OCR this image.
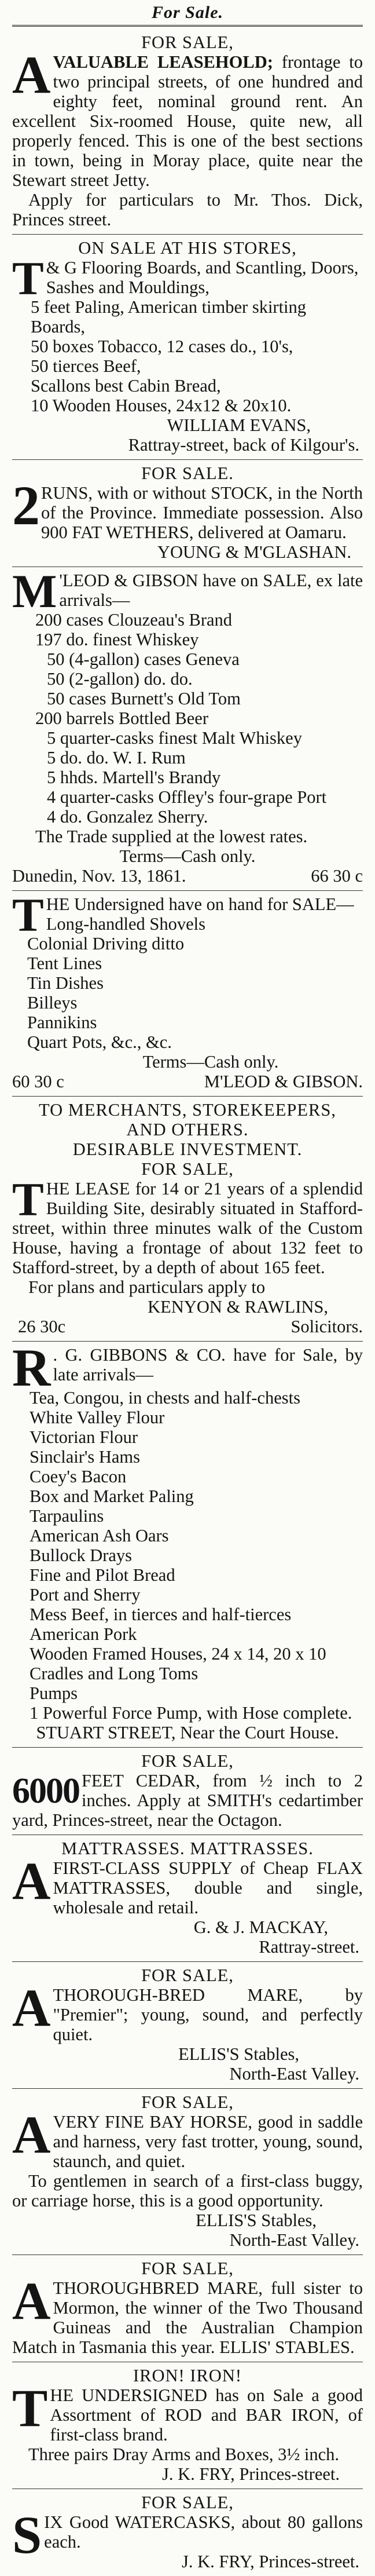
For Sale.
FOR SALE,
A VALUABLE LEASEHOLD; frontage to two principal streets, of one hundred and eighty feet, nominal ground rent. An excellent Six-roomed House, quite new, all properly fenced. This is one of the best sections in town, being in Moray place, quite near the Stewart street Jetty.

Apply for particulars to Mr. Thos. Dick, Princes street.

ON SALE AT HIS STORES,
T & G Flooring Boards, and Scantling, Doors, Sashes and Mouldings,
5 feet Paling, American timber skirting Boards,
50 boxes Tobacco, 12 cases do., 10's,
50 tierces Beef,
Scallons best Cabin Bread,
10 Wooden Houses, 24x12 & 20x10.
WILLIAM EVANS,
Rattray-street, back of Kilgour's.
FOR SALE.
2 RUNS, with or without STOCK, in the North of the Province. Immediate possession. Also 900 FAT WETHERS, delivered at Oamaru.

YOUNG & M'GLASHAN.
M 'LEOD & GIBSON have on SALE, ex late arrivals—

200 cases Clouzeau's Brand
197 do. finest Whiskey
50 (4-gallon) cases Geneva
50 (2-gallon) do. do.
50 cases Burnett's Old Tom
200 barrels Bottled Beer
5 quarter-casks finest Malt Whiskey
5 do. do. W. I. Rum
5 hhds. Martell's Brandy
4 quarter-casks Offley's four-grape Port
4 do. Gonzalez Sherry.
The Trade supplied at the lowest rates.
Terms—Cash only.
Dunedin, Nov. 13, 1861.	66 30 c
T HE Undersigned have on hand for SALE—

Long-handled Shovels
Colonial Driving ditto
Tent Lines
Tin Dishes
Billeys
Pannikins
Quart Pots, &c., &c.
Terms—Cash only.
60 30 c	M'LEOD & GIBSON.
TO MERCHANTS, STOREKEEPERS, AND OTHERS.
DESIRABLE INVESTMENT.
FOR SALE,
T HE LEASE for 14 or 21 years of a splendid Building Site, desirably situated in Stafford-street, within three minutes walk of the Custom House, having a frontage of about 132 feet to Stafford-street, by a depth of about 165 feet.

For plans and particulars apply to
KENYON & RAWLINS,
26 30c	Solicitors.
R . G. GIBBONS & CO. have for Sale, by late arrivals—

Tea, Congou, in chests and half-chests
White Valley Flour
Victorian Flour
Sinclair's Hams
Coey's Bacon
Box and Market Paling
Tarpaulins
American Ash Oars
Bullock Drays
Fine and Pilot Bread
Port and Sherry
Mess Beef, in tierces and half-tierces
American Pork
Wooden Framed Houses, 24 x 14, 20 x 10
Cradles and Long Toms
Pumps
1 Powerful Force Pump, with Hose complete.
STUART STREET, Near the Court House.
FOR SALE,
6000 FEET CEDAR, from ½ inch to 2 inches. Apply at SMITH's cedartimber yard, Princes-street, near the Octagon.

MATTRASSES. MATTRASSES.
A FIRST-CLASS SUPPLY of Cheap FLAX MATTRASSES, double and single, wholesale and retail.

G. & J. MACKAY,
Rattray-street.
FOR SALE,
A THOROUGH-BRED MARE, by "Premier"; young, sound, and perfectly quiet.

ELLIS'S Stables,
North-East Valley.
FOR SALE,
A VERY FINE BAY HORSE, good in saddle and harness, very fast trotter, young, sound, staunch, and quiet.

To gentlemen in search of a first-class buggy, or carriage horse, this is a good opportunity.

ELLIS'S Stables,
North-East Valley.
FOR SALE,
A THOROUGHBRED MARE, full sister to Mormon, the winner of the Two Thousand Guineas and the Australian Champion Match in Tasmania this year. ELLIS' STABLES.

IRON! IRON!
T HE UNDERSIGNED has on Sale a good Assortment of ROD and BAR IRON, of first-class brand.

Three pairs Dray Arms and Boxes, 3½ inch.
J. K. FRY, Princes-street.
FOR SALE,
S IX Good WATERCASKS, about 80 gallons each.

J. K. FRY, Princes-street.
